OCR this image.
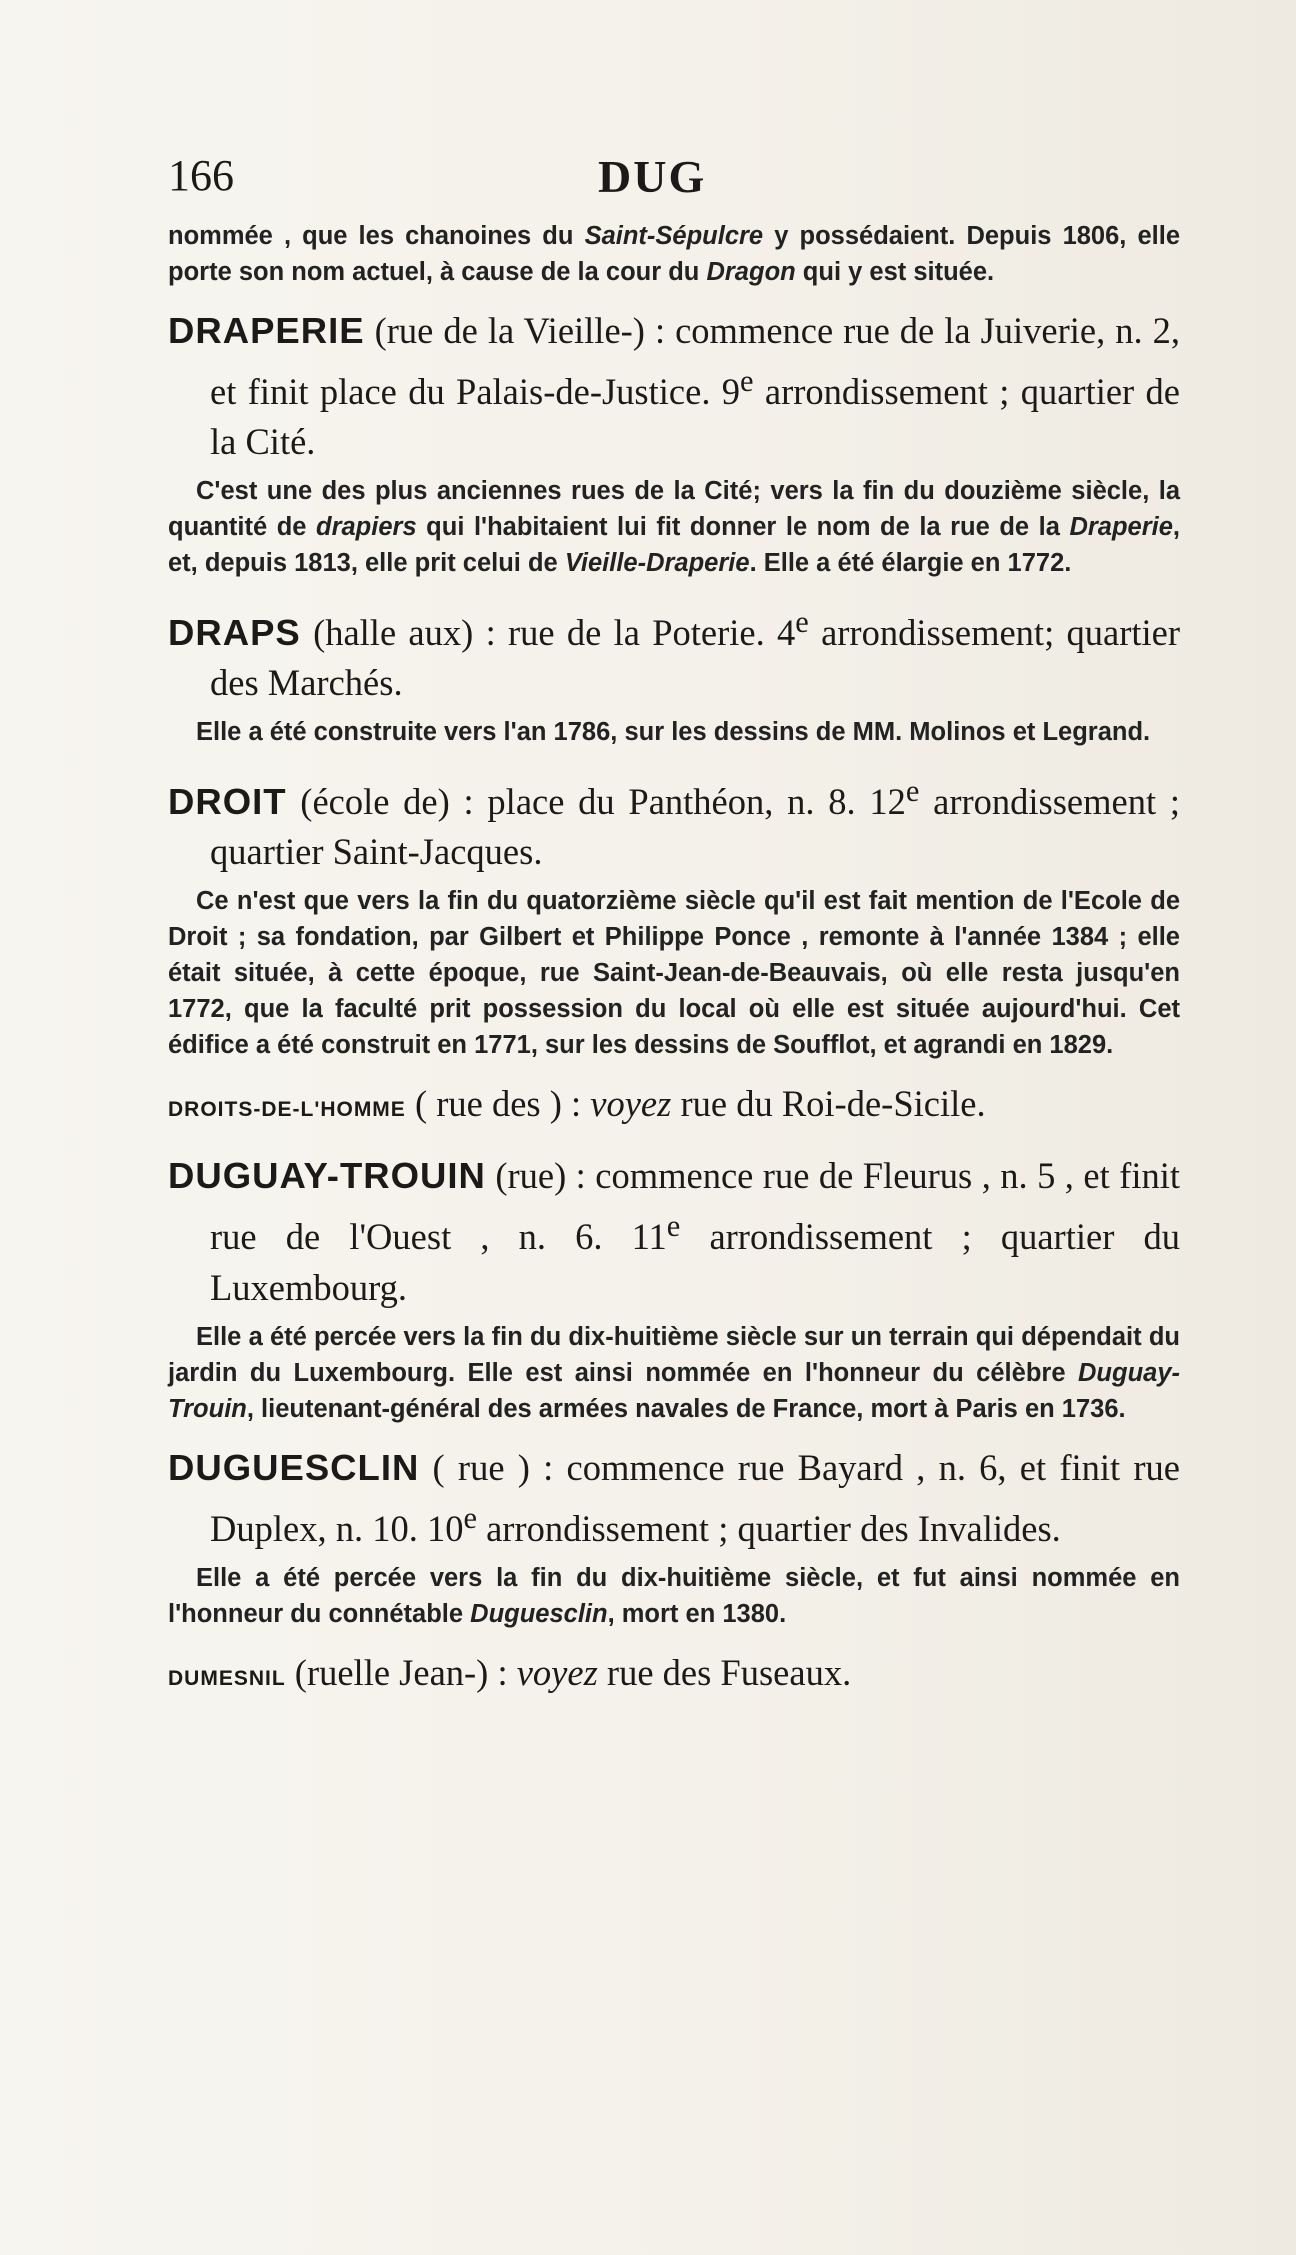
166	DUG

nommée , que les chanoines du Saint-Sépulcre y possédaient. Depuis 1806, elle porte son nom actuel, à cause de la cour du Dragon qui y est située.

DRAPERIE (rue de la Vieille-) : commence rue de la Juiverie, n. 2, et finit place du Palais-de-Justice. 9e arrondissement ; quartier de la Cité.

C'est une des plus anciennes rues de la Cité; vers la fin du douzième siècle, la quantité de drapiers qui l'habitaient lui fit donner le nom de la rue de la Draperie, et, depuis 1813, elle prit celui de Vieille-Draperie. Elle a été élargie en 1772.

DRAPS (halle aux) : rue de la Poterie. 4e arrondissement; quartier des Marchés.

Elle a été construite vers l'an 1786, sur les dessins de MM. Molinos et Legrand.

DROIT (école de) : place du Panthéon, n. 8. 12e arrondissement ; quartier Saint-Jacques.

Ce n'est que vers la fin du quatorzième siècle qu'il est fait mention de l'Ecole de Droit ; sa fondation, par Gilbert et Philippe Ponce , remonte à l'année 1384 ; elle était située, à cette époque, rue Saint-Jean-de-Beauvais, où elle resta jusqu'en 1772, que la faculté prit possession du local où elle est située aujourd'hui. Cet édifice a été construit en 1771, sur les dessins de Soufflot, et agrandi en 1829.

DROITS-DE-L'HOMME ( rue des ) : voyez rue du Roi-de-Sicile.

DUGUAY-TROUIN (rue) : commence rue de Fleurus , n. 5 , et finit rue de l'Ouest , n. 6. 11e arrondissement ; quartier du Luxembourg.

Elle a été percée vers la fin du dix-huitième siècle sur un terrain qui dépendait du jardin du Luxembourg. Elle est ainsi nommée en l'honneur du célèbre Duguay-Trouin, lieutenant-général des armées navales de France, mort à Paris en 1736.

DUGUESCLIN ( rue ) : commence rue Bayard , n. 6, et finit rue Duplex, n. 10. 10e arrondissement ; quartier des Invalides.

Elle a été percée vers la fin du dix-huitième siècle, et fut ainsi nommée en l'honneur du connétable Duguesclin, mort en 1380.

DUMESNIL (ruelle Jean-) : voyez rue des Fuseaux.
